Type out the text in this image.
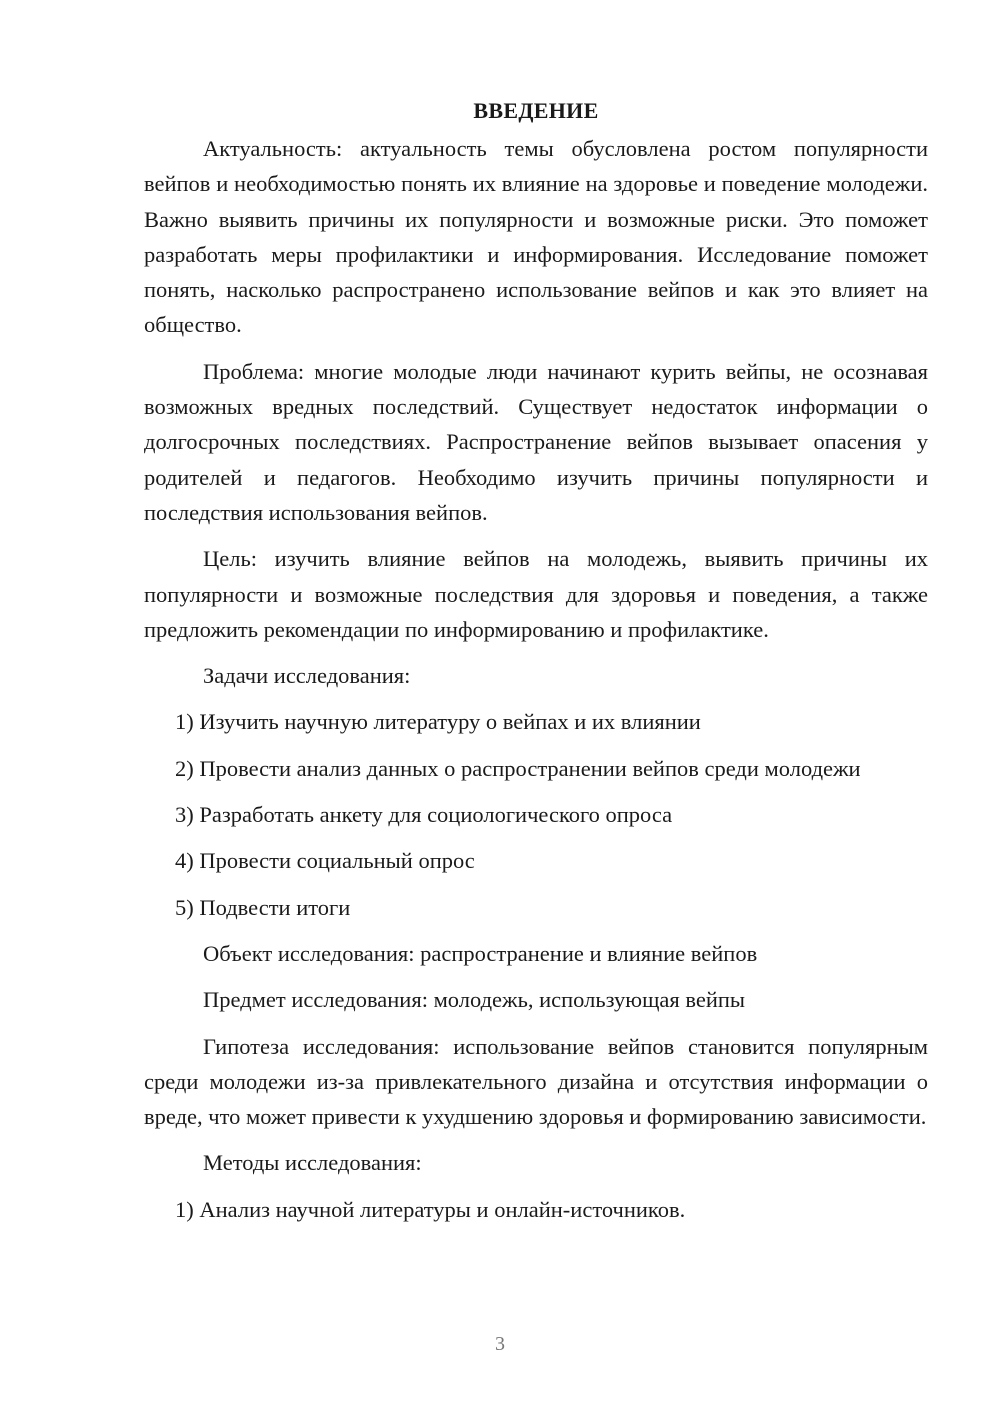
ВВЕДЕНИЕ

Актуальность: актуальность темы обусловлена ростом популярности вейпов и необходимостью понять их влияние на здоровье и поведение молодежи. Важно выявить причины их популярности и возможные риски. Это поможет разработать меры профилактики и информирования. Исследование поможет понять, насколько распространено использование вейпов и как это влияет на общество.

Проблема: многие молодые люди начинают курить вейпы, не осознавая возможных вредных последствий. Существует недостаток информации о долгосрочных последствиях. Распространение вейпов вызывает опасения у родителей и педагогов. Необходимо изучить причины популярности и последствия использования вейпов.

Цель: изучить влияние вейпов на молодежь, выявить причины их популярности и возможные последствия для здоровья и поведения, а также предложить рекомендации по информированию и профилактике.

Задачи исследования:

1) Изучить научную литературу о вейпах и их влиянии

2) Провести анализ данных о распространении вейпов среди молодежи

3) Разработать анкету для социологического опроса

4) Провести социальный опрос

5) Подвести итоги

Объект исследования: распространение и влияние вейпов

Предмет исследования: молодежь, использующая вейпы

Гипотеза исследования: использование вейпов становится популярным среди молодежи из-за привлекательного дизайна и отсутствия информации о вреде, что может привести к ухудшению здоровья и формированию зависимости.

Методы исследования:

1) Анализ научной литературы и онлайн-источников.

3
